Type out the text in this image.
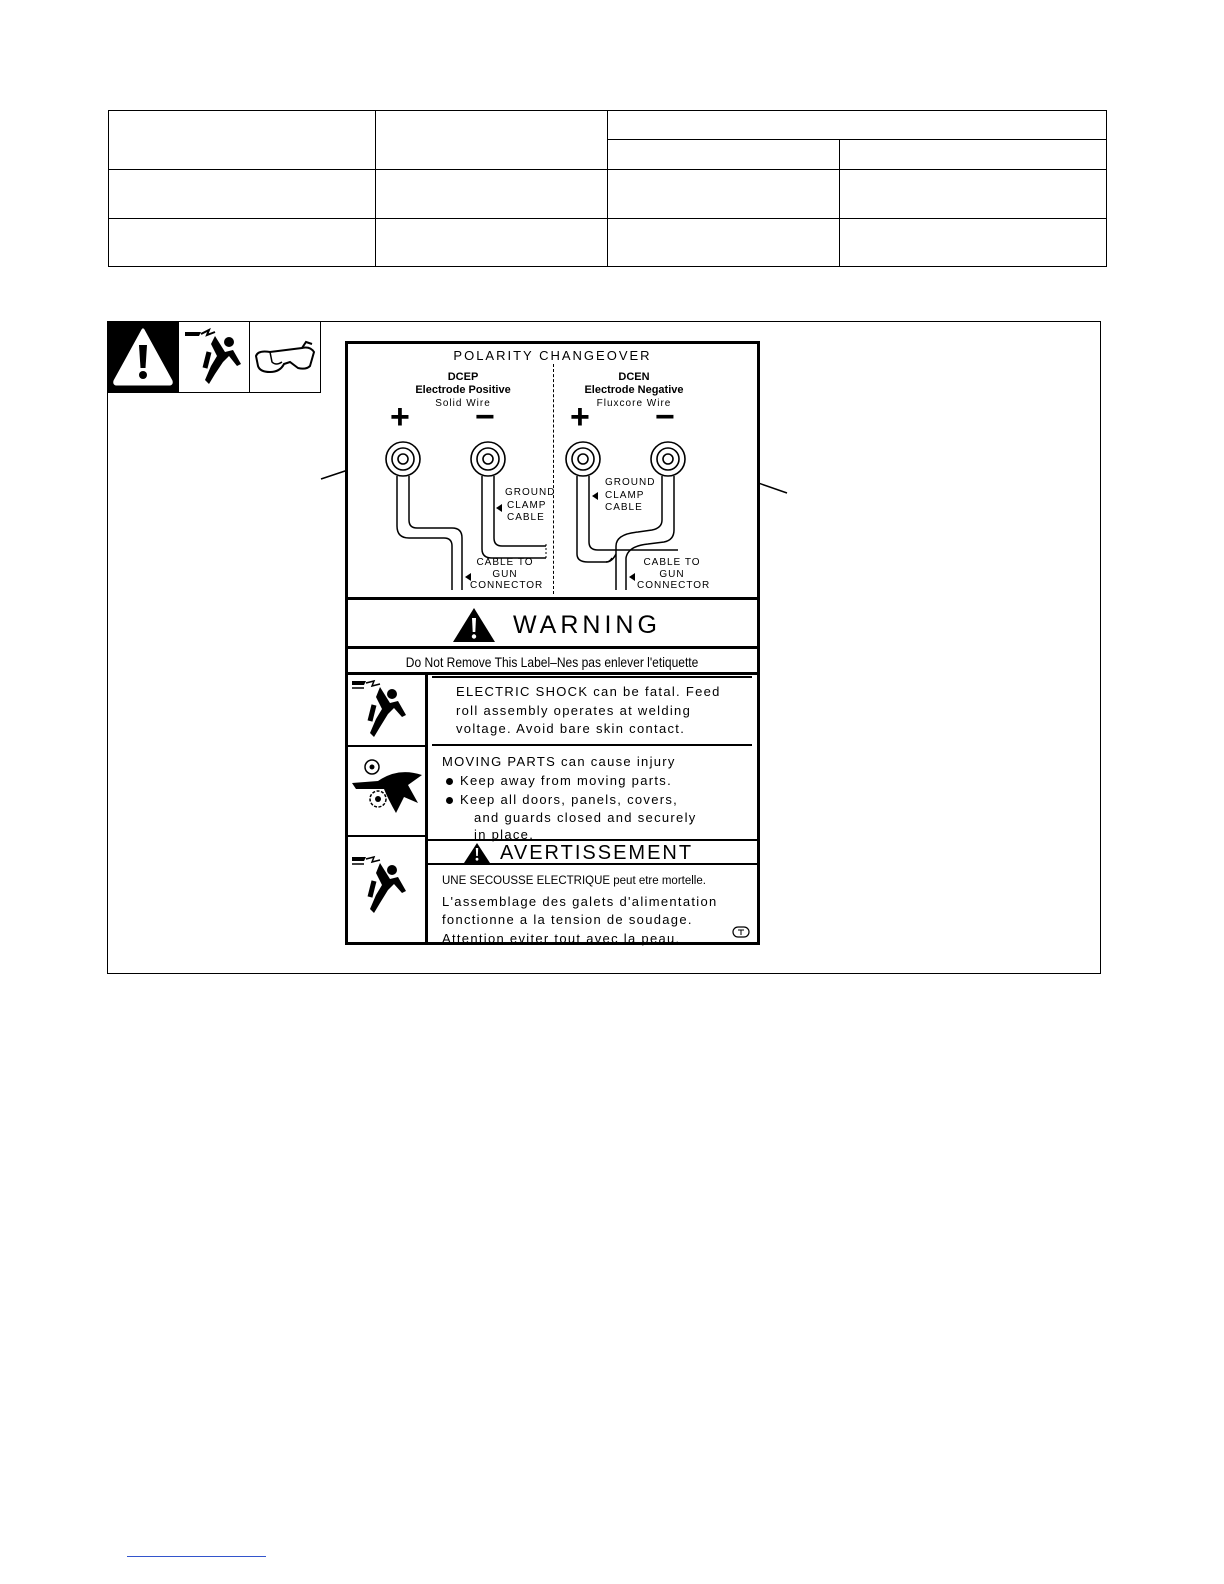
POLARITY CHANGEOVER
DCEP
Electrode Positive
Solid Wire
DCEN
Electrode Negative
Fluxcore Wire
+ − + −
GROUND
CLAMP
CABLE
GROUND
CLAMP
CABLE
CABLE TO
GUN
CONNECTOR
CABLE TO
GUN
CONNECTOR
WARNING
Do Not Remove This Label–Nes pas enlever l'etiquette
ELECTRIC SHOCK can be fatal. Feed
roll assembly operates at welding
voltage. Avoid bare skin contact.
MOVING PARTS can cause injury
Keep away from moving parts.
Keep all doors, panels, covers,
and guards closed and securely
in place.
AVERTISSEMENT
UNE SECOUSSE ELECTRIQUE peut etre mortelle.
L'assemblage des galets d'alimentation
fonctionne a la tension de soudage.
Attention eviter tout avec la peau.
